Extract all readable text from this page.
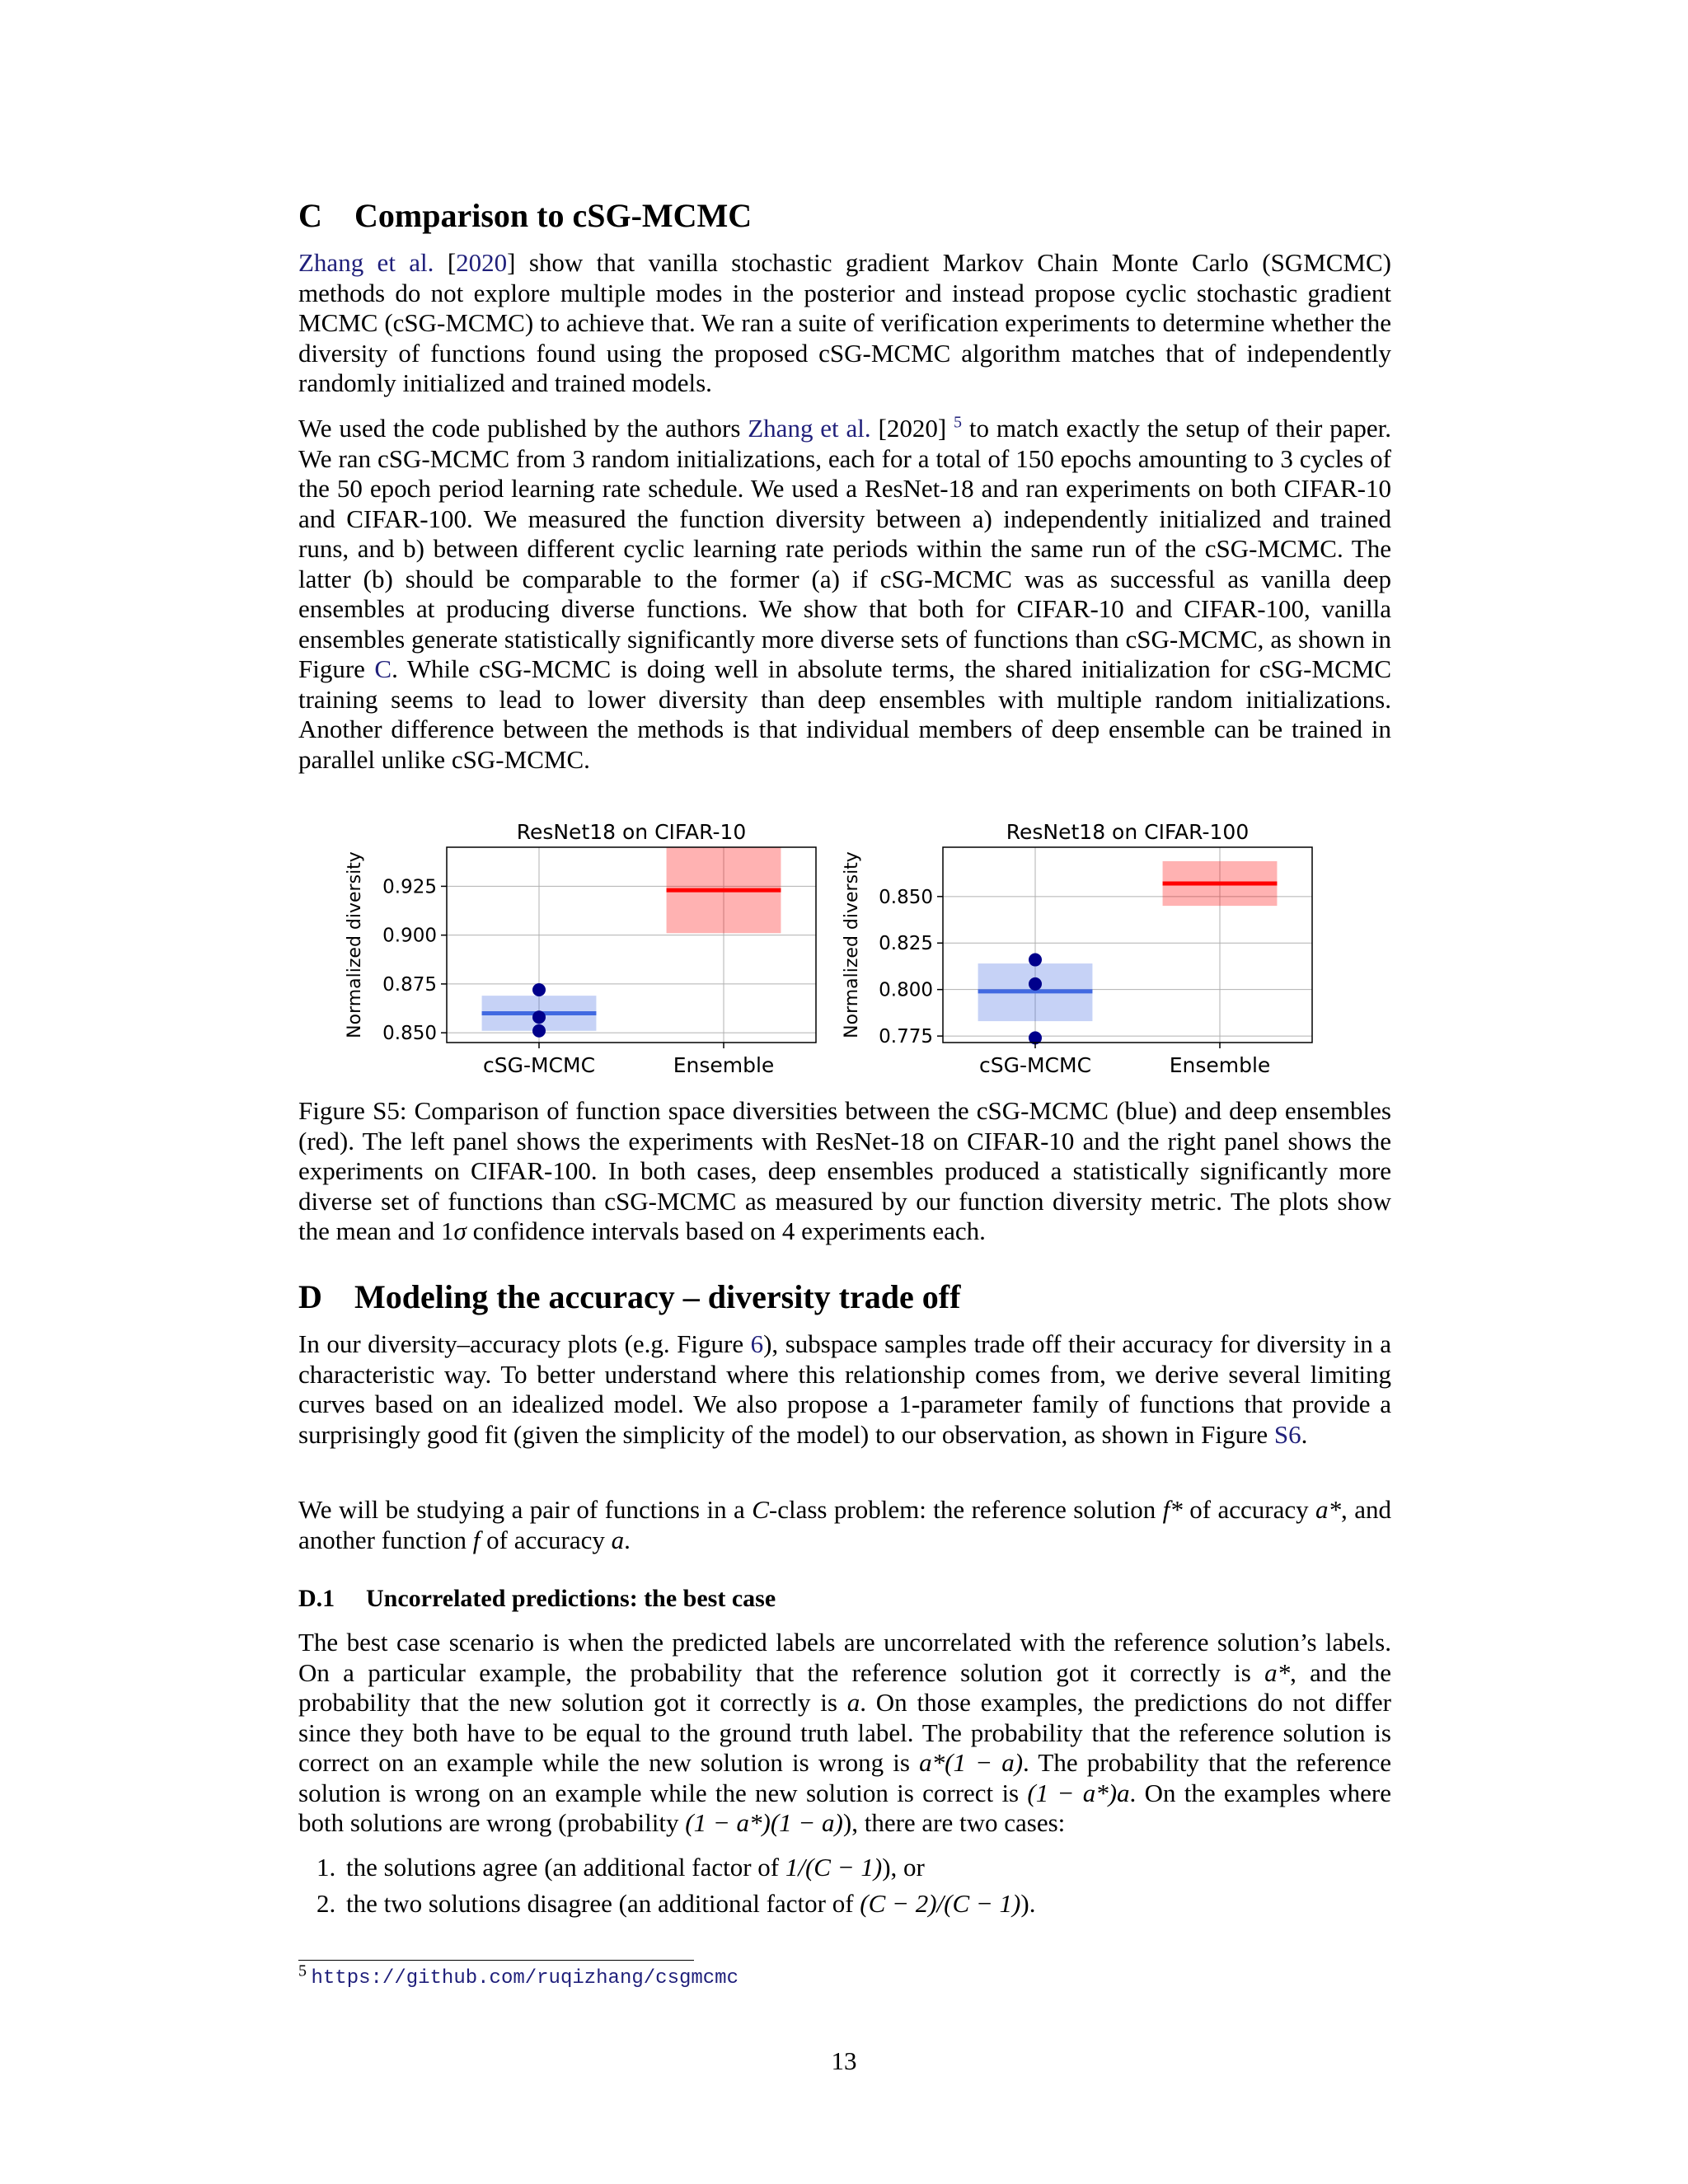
C Comparison to cSG-MCMC

Zhang et al. [2020] show that vanilla stochastic gradient Markov Chain Monte Carlo (SGMCMC) methods do not explore multiple modes in the posterior and instead propose cyclic stochastic gradient MCMC (cSG-MCMC) to achieve that. We ran a suite of verification experiments to determine whether the diversity of functions found using the proposed cSG-MCMC algorithm matches that of independently randomly initialized and trained models.

We used the code published by the authors Zhang et al. [2020] $^5$ to match exactly the setup of their paper. We ran cSG-MCMC from 3 random initializations, each for a total of 150 epochs amounting to 3 cycles of the 50 epoch period learning rate schedule. We used a ResNet-18 and ran experiments on both CIFAR-10 and CIFAR-100. We measured the function diversity between a) independently initialized and trained runs, and b) between different cyclic learning rate periods within the same run of the cSG-MCMC. The latter (b) should be comparable to the former (a) if cSG-MCMC was as successful as vanilla deep ensembles at producing diverse functions. We show that both for CIFAR-10 and CIFAR-100, vanilla ensembles generate statistically significantly more diverse sets of functions than cSG-MCMC, as shown in Figure C. While cSG-MCMC is doing well in absolute terms, the shared initialization for cSG-MCMC training seems to lead to lower diversity than deep ensembles with multiple random initializations. Another difference between the methods is that individual members of deep ensemble can be trained in parallel unlike cSG-MCMC.

0.850
0.875
0.900
0.925
cSG-MCMC	Ensemble
ResNet18 on CIFAR-10
Normalized diversity	0.775
0.800
0.825
0.850
cSG-MCMC	Ensemble
ResNet18 on CIFAR-100
Normalized diversity

Figure S5: Comparison of function space diversities between the cSG-MCMC (blue) and deep ensembles (red). The left panel shows the experiments with ResNet-18 on CIFAR-10 and the right panel shows the experiments on CIFAR-100. In both cases, deep ensembles produced a statistically significantly more diverse set of functions than cSG-MCMC as measured by our function diversity metric. The plots show the mean and 1σ confidence intervals based on 4 experiments each.

D Modeling the accuracy – diversity trade off

In our diversity–accuracy plots (e.g. Figure 6), subspace samples trade off their accuracy for diversity in a characteristic way. To better understand where this relationship comes from, we derive several limiting curves based on an idealized model. We also propose a 1-parameter family of functions that provide a surprisingly good fit (given the simplicity of the model) to our observation, as shown in Figure S6.

We will be studying a pair of functions in a C-class problem: the reference solution f* of accuracy a*, and another function f of accuracy a.

D.1 Uncorrelated predictions: the best case

The best case scenario is when the predicted labels are uncorrelated with the reference solution’s labels. On a particular example, the probability that the reference solution got it correctly is a*, and the probability that the new solution got it correctly is a. On those examples, the predictions do not differ since they both have to be equal to the ground truth label. The probability that the reference solution is correct on an example while the new solution is wrong is a*(1 − a). The probability that the reference solution is wrong on an example while the new solution is correct is (1 − a*)a. On the examples where both solutions are wrong (probability (1 − a*)(1 − a)), there are two cases:

1. the solutions agree (an additional factor of 1/(C − 1)), or
2. the two solutions disagree (an additional factor of (C − 2)/(C − 1)).
$^5$ https://github.com/ruqizhang/csgmcmc
13
